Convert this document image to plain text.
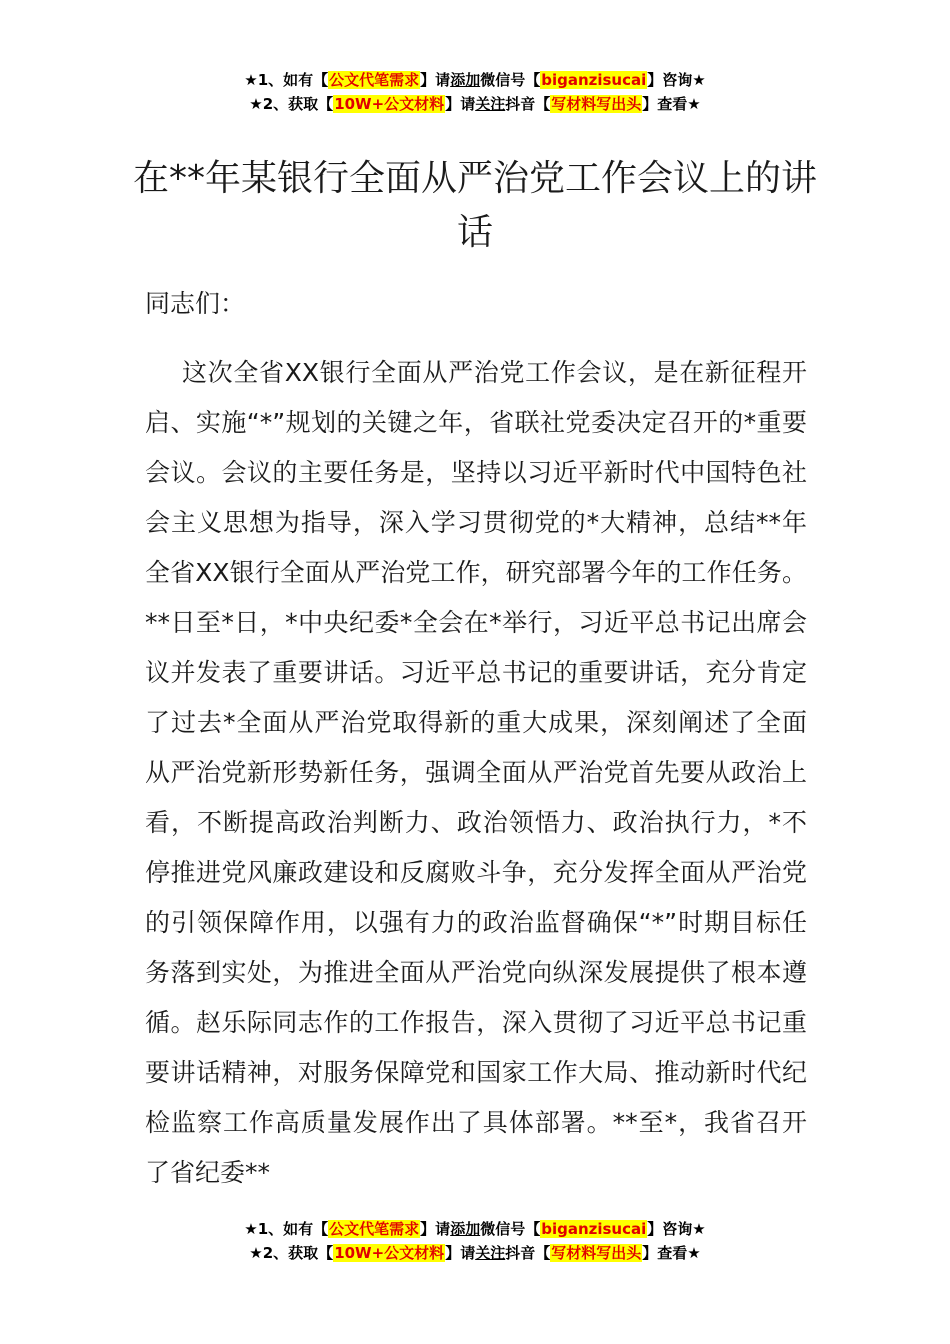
★1、如有【公文代笔需求】请添加微信号【biganzisucai】咨询★
★2、获取【10W+公文材料】请关注抖音【写材料写出头】查看★
在**年某银行全面从严治党工作会议上的讲话
同志们：

这次全省XX银行全面从严治党工作会议，是在新征程开启、实施“*”规划的关键之年，省联社党委决定召开的*重要会议。会议的主要任务是，坚持以习近平新时代中国特色社会主义思想为指导，深入学习贯彻党的*大精神，总结**年全省XX银行全面从严治党工作，研究部署今年的工作任务。**日至*日，*中央纪委*全会在*举行，习近平总书记出席会议并发表了重要讲话。习近平总书记的重要讲话，充分肯定了过去*全面从严治党取得新的重大成果，深刻阐述了全面从严治党新形势新任务，强调全面从严治党首先要从政治上看，不断提高政治判断力、政治领悟力、政治执行力，*不停推进党风廉政建设和反腐败斗争，充分发挥全面从严治党的引领保障作用，以强有力的政治监督确保“*”时期目标任务落到实处，为推进全面从严治党向纵深发展提供了根本遵循。赵乐际同志作的工作报告，深入贯彻了习近平总书记重要讲话精神，对服务保障党和国家工作大局、推动新时代纪检监察工作高质量发展作出了具体部署。**至*，我省召开了省纪委**

★1、如有【公文代笔需求】请添加微信号【biganzisucai】咨询★
★2、获取【10W+公文材料】请关注抖音【写材料写出头】查看★
